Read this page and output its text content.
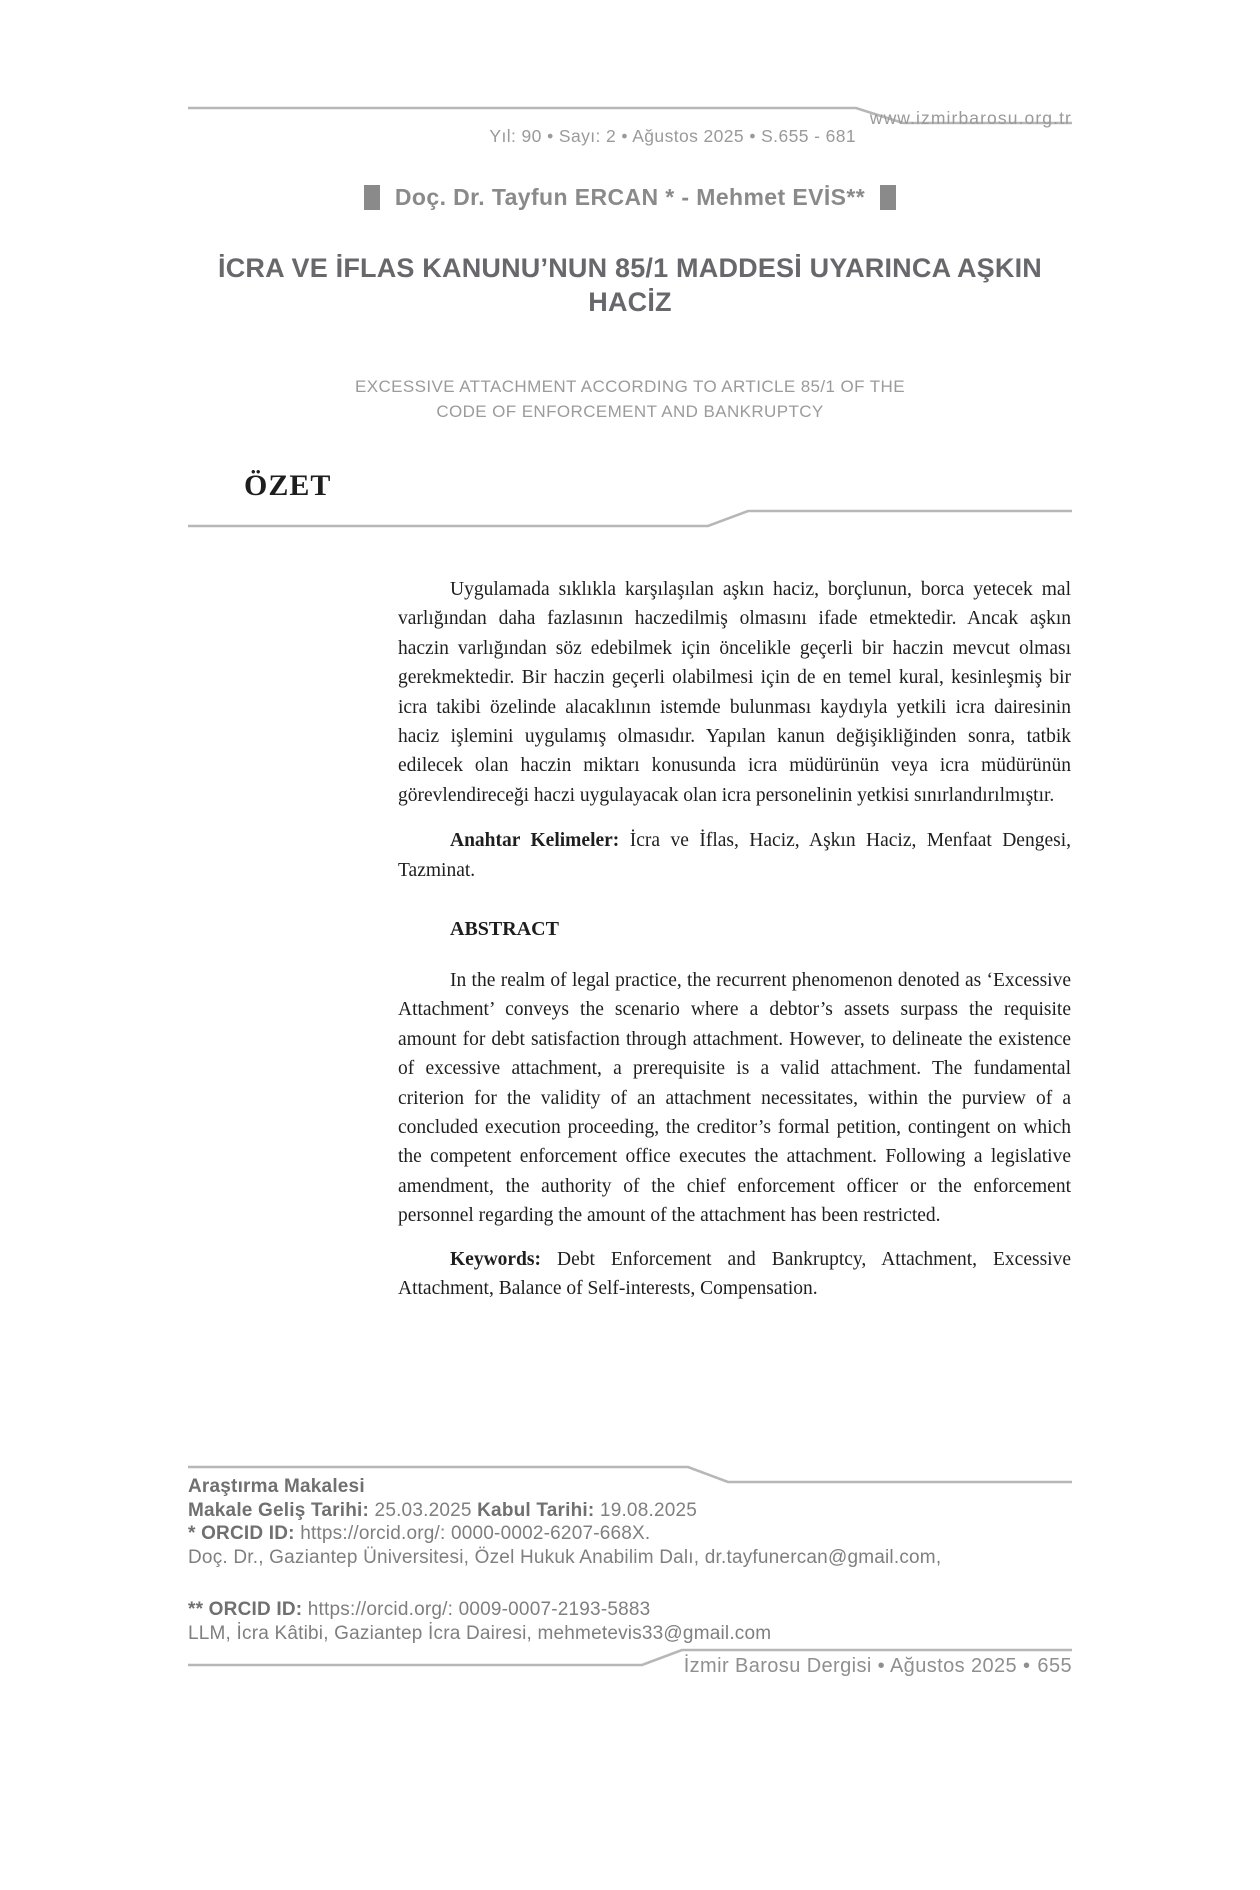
Yıl: 90 • Sayı: 2 • Ağustos 2025 • S.655 - 681
www.izmirbarosu.org.tr
Doç. Dr. Tayfun ERCAN * - Mehmet EVİS**
İCRA VE İFLAS KANUNU’NUN 85/1 MADDESİ UYARINCA AŞKIN HACİZ
EXCESSIVE ATTACHMENT ACCORDING TO ARTICLE 85/1 OF THE
CODE OF ENFORCEMENT AND BANKRUPTCY
ÖZET

Uygulamada sıklıkla karşılaşılan aşkın haciz, borçlunun, borca yetecek mal varlığından daha fazlasının haczedilmiş olmasını ifade etmektedir. Ancak aşkın haczin varlığından söz edebilmek için öncelikle geçerli bir haczin mevcut olması gerekmektedir. Bir haczin geçerli olabilmesi için de en temel kural, kesinleşmiş bir icra takibi özelinde alacaklının istemde bulunması kaydıyla yetkili icra dairesinin haciz işlemini uygulamış olmasıdır. Yapılan kanun değişikliğinden sonra, tatbik edilecek olan haczin miktarı konusunda icra müdürünün veya icra müdürünün görevlendireceği haczi uygulayacak olan icra personelinin yetkisi sınırlandırılmıştır.

Anahtar Kelimeler: İcra ve İflas, Haciz, Aşkın Haciz, Menfaat Dengesi, Tazminat.

ABSTRACT

In the realm of legal practice, the recurrent phenomenon denoted as ‘Excessive Attachment’ conveys the scenario where a debtor’s assets surpass the requisite amount for debt satisfaction through attachment. However, to delineate the existence of excessive attachment, a prerequisite is a valid attachment. The fundamental criterion for the validity of an attachment necessitates, within the purview of a concluded execution proceeding, the creditor’s formal petition, contingent on which the competent enforcement office executes the attachment. Following a legislative amendment, the authority of the chief enforcement officer or the enforcement personnel regarding the amount of the attachment has been restricted.

Keywords: Debt Enforcement and Bankruptcy, Attachment, Excessive Attachment, Balance of Self-interests, Compensation.

Araştırma Makalesi
Makale Geliş Tarihi: 25.03.2025 Kabul Tarihi: 19.08.2025
* ORCID ID: https://orcid.org/: 0000-0002-6207-668X.
Doç. Dr., Gaziantep Üniversitesi, Özel Hukuk Anabilim Dalı, dr.tayfunercan@gmail.com,
** ORCID ID: https://orcid.org/: 0009-0007-2193-5883
LLM, İcra Kâtibi, Gaziantep İcra Dairesi, mehmetevis33@gmail.com
İzmir Barosu Dergisi • Ağustos 2025 • 655
